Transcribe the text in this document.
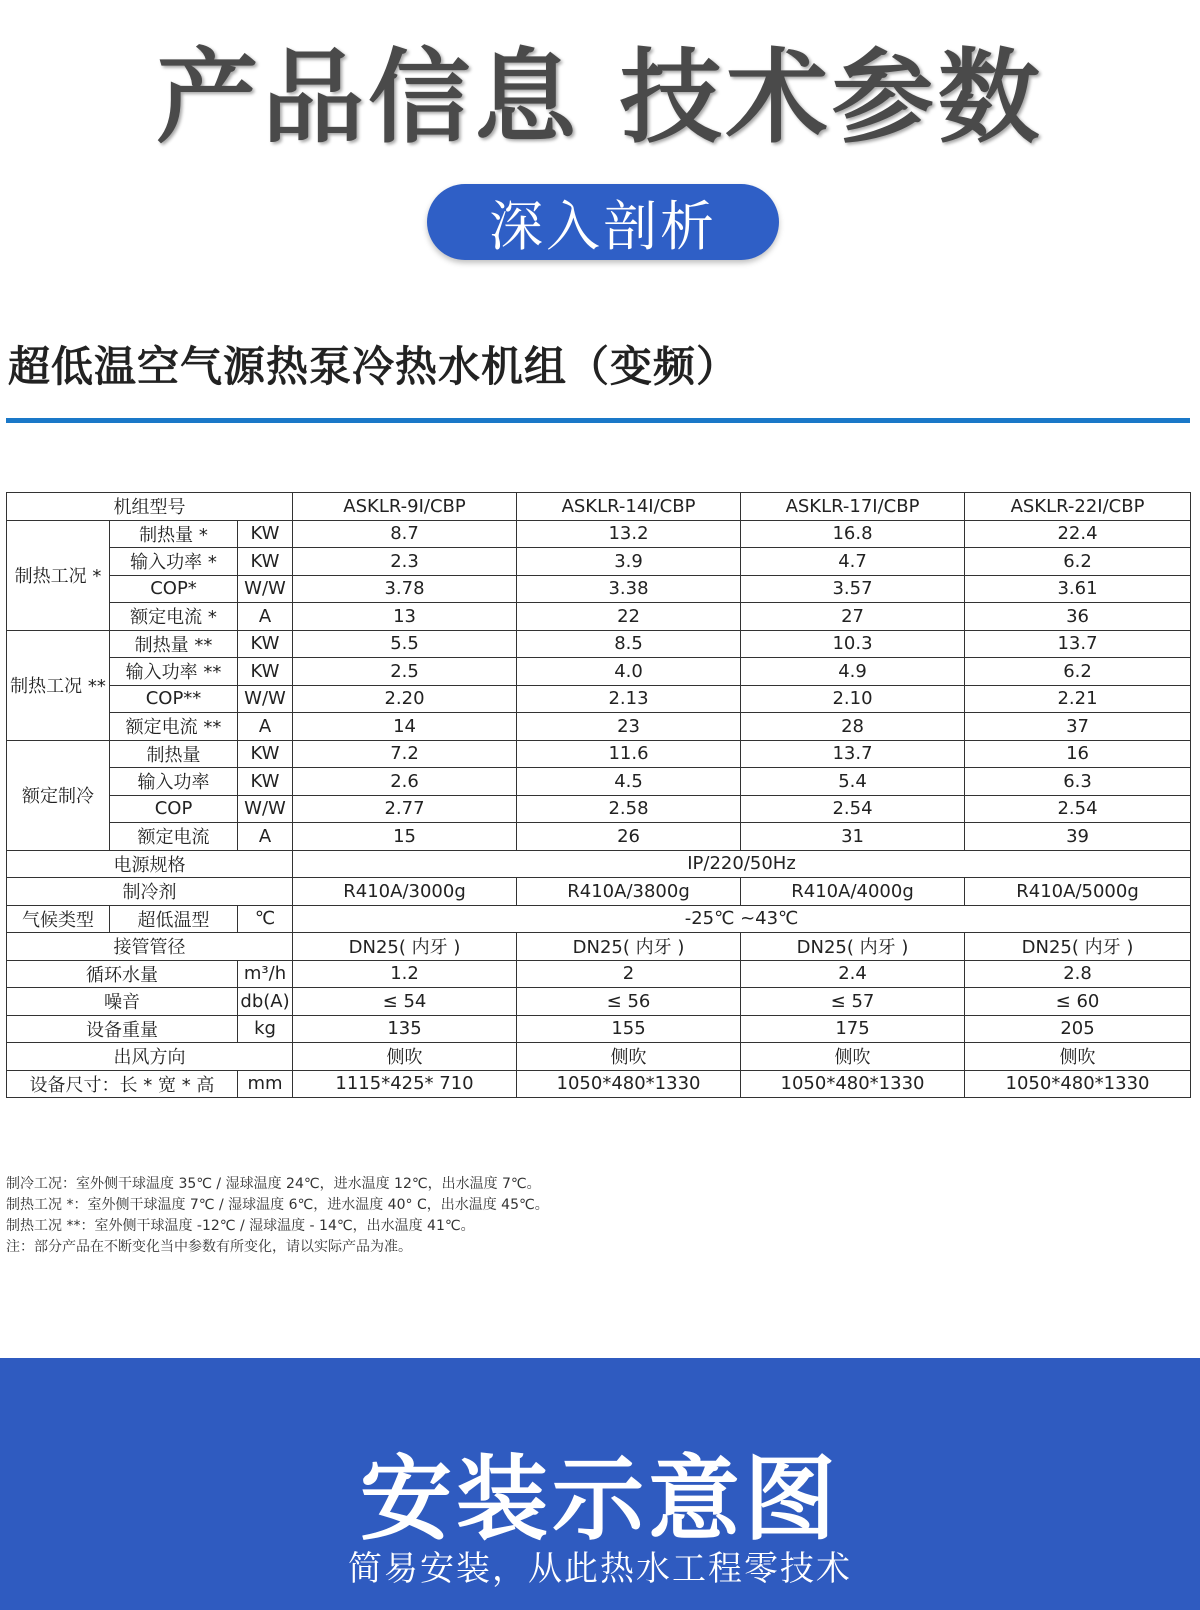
产品信息 技术参数
深入剖析
超低温空气源热泵冷热水机组（变频）
机组型号			ASKLR-9I/CBP	ASKLR-14I/CBP	ASKLR-17I/CBP	ASKLR-22I/CBP
制热工况 *	制热量 *	KW	8.7	13.2	16.8	22.4
	输入功率 *	KW	2.3	3.9	4.7	6.2
	COP*	W/W	3.78	3.38	3.57	3.61
	额定电流 *	A	13	22	27	36
制热工况 **	制热量 **	KW	5.5	8.5	10.3	13.7
	输入功率 **	KW	2.5	4.0	4.9	6.2
	COP**	W/W	2.20	2.13	2.10	2.21
	额定电流 **	A	14	23	28	37
额定制冷	制热量	KW	7.2	11.6	13.7	16
	输入功率	KW	2.6	4.5	5.4	6.3
	COP	W/W	2.77	2.58	2.54	2.54
	额定电流	A	15	26	31	39
电源规格			IP/220/50Hz			
制冷剂			R410A/3000g	R410A/3800g	R410A/4000g	R410A/5000g
气候类型	超低温型	℃	-25℃ ~43℃			
接管管径			DN25( 内牙 )	DN25( 内牙 )	DN25( 内牙 )	DN25( 内牙 )
循环水量		m³/h	1.2	2	2.4	2.8
噪音		db(A)	≤ 54	≤ 56	≤ 57	≤ 60
设备重量		kg	135	155	175	205
出风方向			侧吹	侧吹	侧吹	侧吹
设备尺寸：长 * 宽 * 高		mm	1115*425* 710	1050*480*1330	1050*480*1330	1050*480*1330
制冷工况：室外侧干球温度 35℃ / 湿球温度 24℃，进水温度 12℃，出水温度 7℃。
制热工况 *：室外侧干球温度 7℃ / 湿球温度 6℃，进水温度 40° C，出水温度 45℃。
制热工况 **：室外侧干球温度 -12℃ / 湿球温度 - 14℃，出水温度 41℃。
注：部分产品在不断变化当中参数有所变化，请以实际产品为准。
安装示意图
简易安装，从此热水工程零技术
